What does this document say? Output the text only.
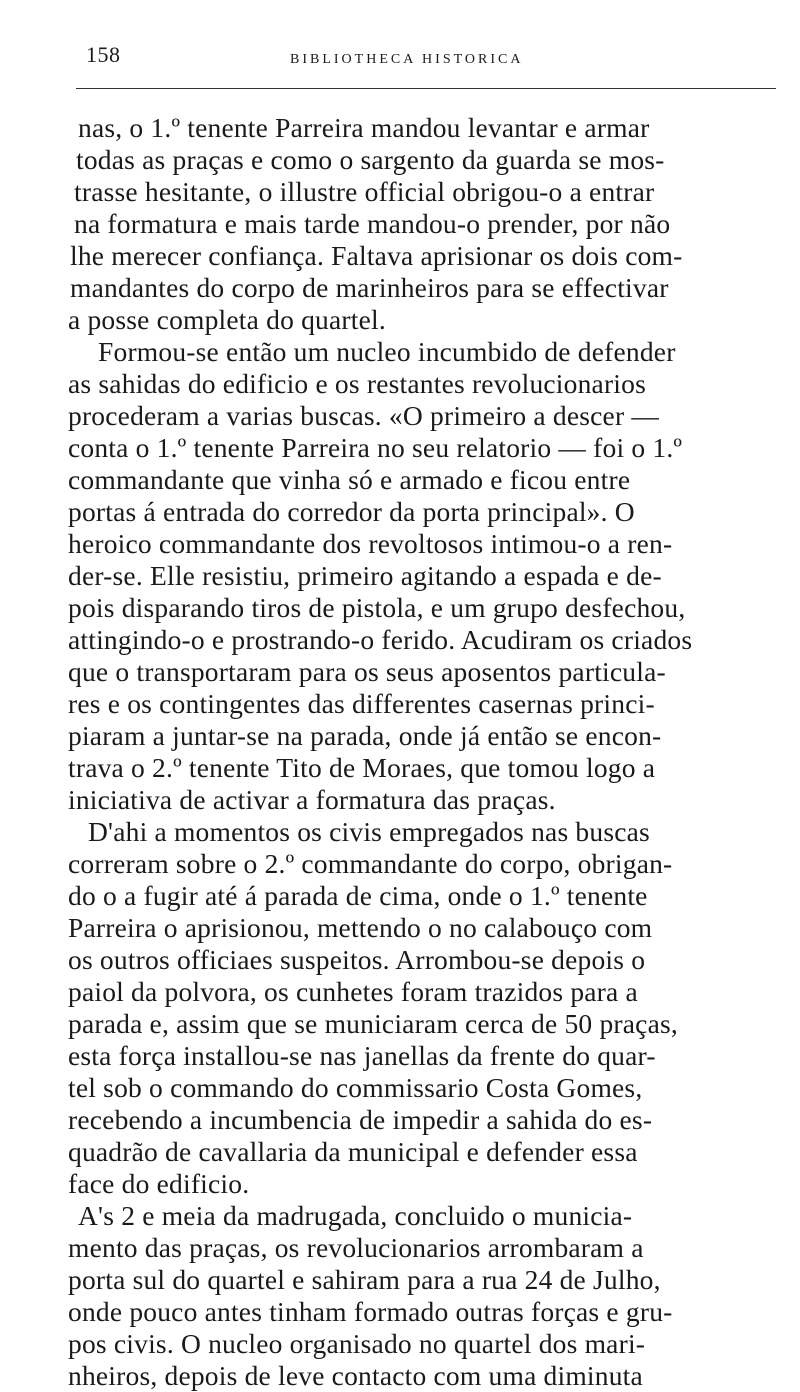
158	BIBLIOTHECA HISTORICA
nas, o 1.º tenente Parreira mandou levantar e armar
todas as praças e como o sargento da guarda se mos-
trasse hesitante, o illustre official obrigou-o a entrar
na formatura e mais tarde mandou-o prender, por não
lhe merecer confiança. Faltava aprisionar os dois com-
mandantes do corpo de marinheiros para se effectivar
a posse completa do quartel.
Formou-se então um nucleo incumbido de defender
as sahidas do edificio e os restantes revolucionarios
procederam a varias buscas. «O primeiro a descer —
conta o 1.º tenente Parreira no seu relatorio — foi o 1.º
commandante que vinha só e armado e ficou entre
portas á entrada do corredor da porta principal». O
heroico commandante dos revoltosos intimou-o a ren-
der-se. Elle resistiu, primeiro agitando a espada e de-
pois disparando tiros de pistola, e um grupo desfechou,
attingindo-o e prostrando-o ferido. Acudiram os criados
que o transportaram para os seus aposentos particula-
res e os contingentes das differentes casernas princi-
piaram a juntar-se na parada, onde já então se encon-
trava o 2.º tenente Tito de Moraes, que tomou logo a
iniciativa de activar a formatura das praças.
D'ahi a momentos os civis empregados nas buscas
correram sobre o 2.º commandante do corpo, obrigan-
do o a fugir até á parada de cima, onde o 1.º tenente
Parreira o aprisionou, mettendo o no calabouço com
os outros officiaes suspeitos. Arrombou-se depois o
paiol da polvora, os cunhetes foram trazidos para a
parada e, assim que se municiaram cerca de 50 praças,
esta força installou-se nas janellas da frente do quar-
tel sob o commando do commissario Costa Gomes,
recebendo a incumbencia de impedir a sahida do es-
quadrão de cavallaria da municipal e defender essa
face do edificio.
A's 2 e meia da madrugada, concluido o municia-
mento das praças, os revolucionarios arrombaram a
porta sul do quartel e sahiram para a rua 24 de Julho,
onde pouco antes tinham formado outras forças e gru-
pos civis. O nucleo organisado no quartel dos mari-
nheiros, depois de leve contacto com uma diminuta
